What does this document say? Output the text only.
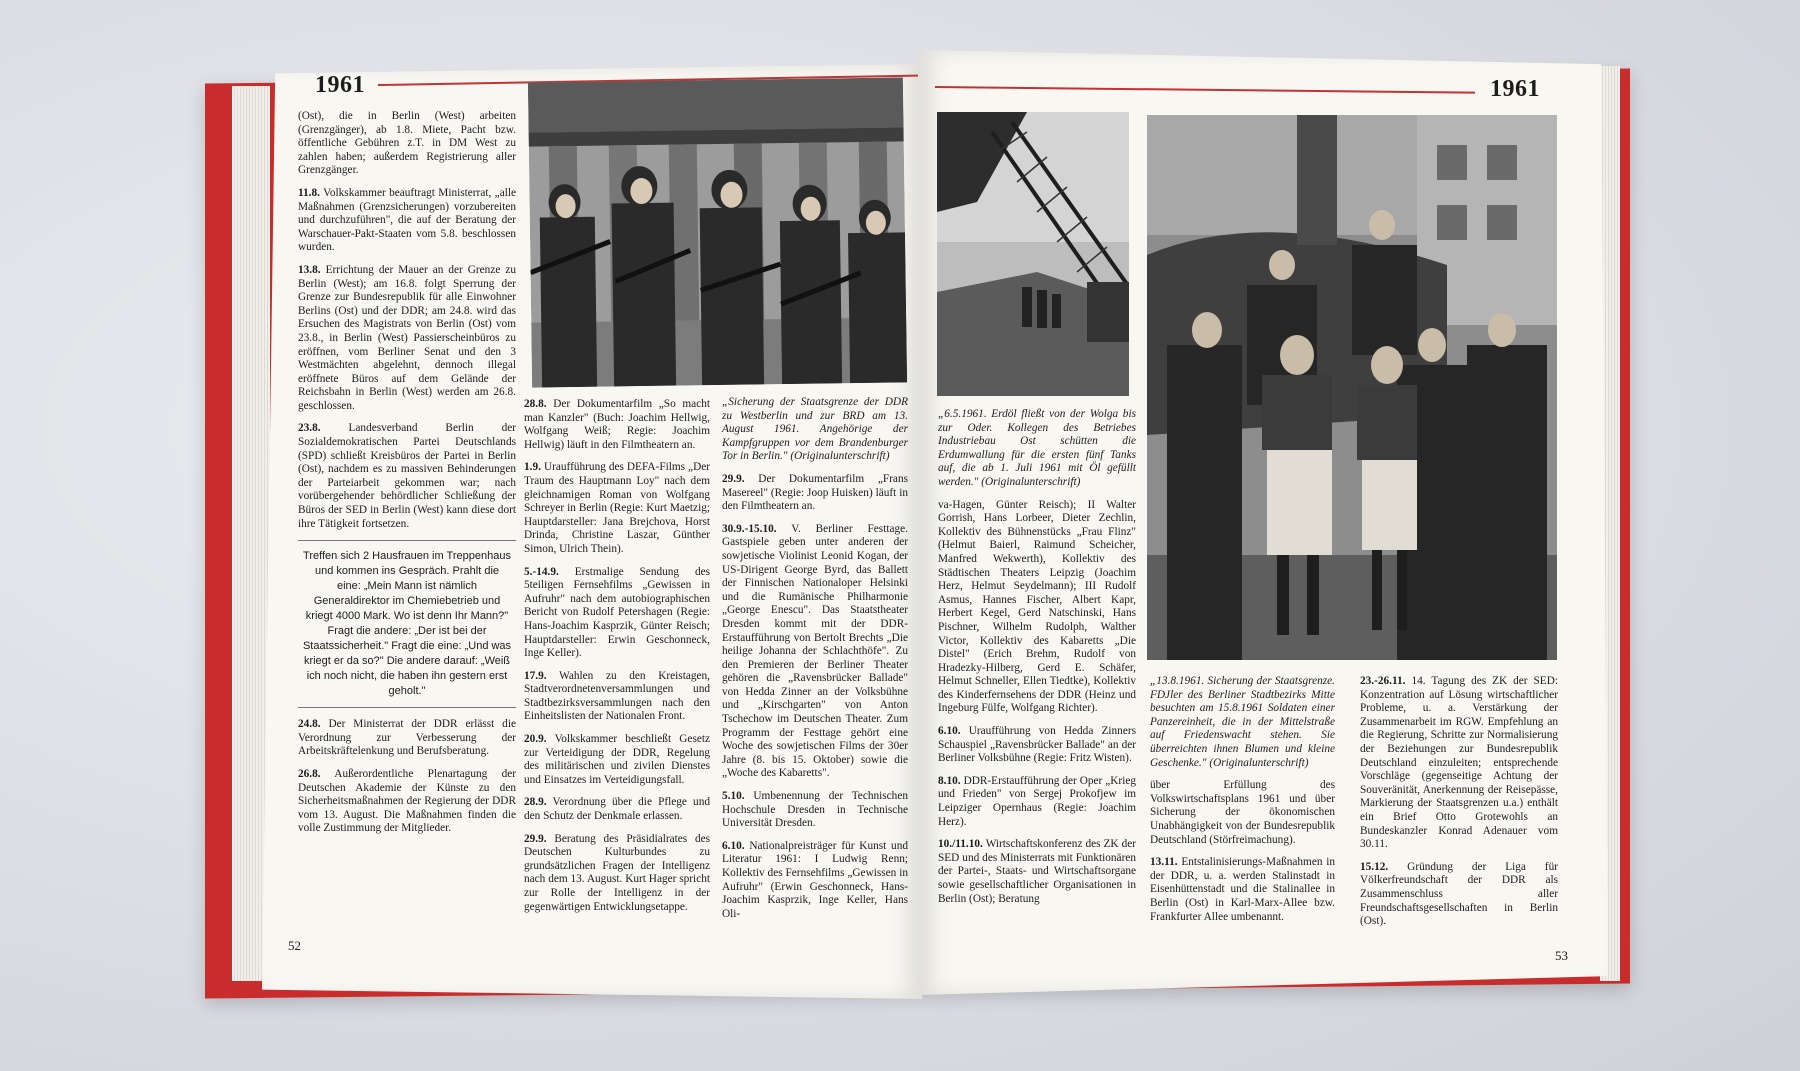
1961
52

(Ost), die in Berlin (West) arbeiten (Grenzgänger), ab 1.8. Miete, Pacht bzw. öffentliche Gebühren z.T. in DM West zu zahlen haben; außerdem Registrierung aller Grenzgänger.

11.8. Volkskammer beauftragt Ministerrat, „alle Maßnahmen (Grenzsicherungen) vorzubereiten und durchzuführen", die auf der Beratung der Warschauer-Pakt-Staaten vom 5.8. beschlossen wurden.

13.8. Errichtung der Mauer an der Grenze zu Berlin (West); am 16.8. folgt Sperrung der Grenze zur Bundesrepublik für alle Einwohner Berlins (Ost) und der DDR; am 24.8. wird das Ersuchen des Magistrats von Berlin (Ost) vom 23.8., in Berlin (West) Passierscheinbüros zu eröffnen, vom Berliner Senat und den 3 Westmächten abgelehnt, dennoch illegal eröffnete Büros auf dem Gelände der Reichsbahn in Berlin (West) werden am 26.8. geschlossen.

23.8. Landesverband Berlin der Sozialdemokratischen Partei Deutschlands (SPD) schließt Kreisbüros der Partei in Berlin (Ost), nachdem es zu massiven Behinderungen der Parteiarbeit gekommen war; nach vorübergehender behördlicher Schließung der Büros der SED in Berlin (West) kann diese dort ihre Tätigkeit fortsetzen.

Treffen sich 2 Hausfrauen im Treppenhaus und kommen ins Gespräch. Prahlt die eine: „Mein Mann ist nämlich Generaldirektor im Chemiebetrieb und kriegt 4000 Mark. Wo ist denn Ihr Mann?" Fragt die andere: „Der ist bei der Staatssicherheit." Fragt die eine: „Und was kriegt er da so?" Die andere darauf: „Weiß ich noch nicht, die haben ihn gestern erst geholt."

24.8. Der Ministerrat der DDR erlässt die Verordnung zur Verbesserung der Arbeitskräftelenkung und Berufsberatung.

26.8. Außerordentliche Plenartagung der Deutschen Akademie der Künste zu den Sicherheitsmaßnahmen der Regierung der DDR vom 13. August. Die Maßnahmen finden die volle Zustimmung der Mitglieder.

28.8. Der Dokumentarfilm „So macht man Kanzler" (Buch: Joachim Hellwig, Wolfgang Weiß; Regie: Joachim Hellwig) läuft in den Filmtheatern an.

1.9. Uraufführung des DEFA-Films „Der Traum des Hauptmann Loy" nach dem gleichnamigen Roman von Wolfgang Schreyer in Berlin (Regie: Kurt Maetzig; Hauptdarsteller: Jana Brejchova, Horst Drinda, Christine Laszar, Günther Simon, Ulrich Thein).

5.-14.9. Erstmalige Sendung des 5teiligen Fernsehfilms „Gewissen in Aufruhr" nach dem autobiographischen Bericht von Rudolf Petershagen (Regie: Hans-Joachim Kasprzik, Günter Reisch; Hauptdarsteller: Erwin Geschonneck, Inge Keller).

17.9. Wahlen zu den Kreistagen, Stadtverordnetenversammlungen und Stadtbezirksversammlungen nach den Einheitslisten der Nationalen Front.

20.9. Volkskammer beschließt Gesetz zur Verteidigung der DDR, Regelung des militärischen und zivilen Dienstes und Einsatzes im Verteidigungsfall.

28.9. Verordnung über die Pflege und den Schutz der Denkmale erlassen.

29.9. Beratung des Präsidialrates des Deutschen Kulturbundes zu grundsätzlichen Fragen der Intelligenz nach dem 13. August. Kurt Hager spricht zur Rolle der Intelligenz in der gegenwärtigen Entwicklungsetappe.

„Sicherung der Staatsgrenze der DDR zu Westberlin und zur BRD am 13. August 1961. Angehörige der Kampfgruppen vor dem Brandenburger Tor in Berlin." (Originalunterschrift)

29.9. Der Dokumentarfilm „Frans Masereel" (Regie: Joop Huisken) läuft in den Filmtheatern an.

30.9.-15.10. V. Berliner Festtage. Gastspiele geben unter anderen der sowjetische Violinist Leonid Kogan, der US-Dirigent George Byrd, das Ballett der Finnischen Nationaloper Helsinki und die Rumänische Philharmonie „George Enescu". Das Staatstheater Dresden kommt mit der DDR-Erstaufführung von Bertolt Brechts „Die heilige Johanna der Schlachthöfe". Zu den Premieren der Berliner Theater gehören die „Ravensbrücker Ballade" von Hedda Zinner an der Volksbühne und „Kirschgarten" von Anton Tschechow im Deutschen Theater. Zum Programm der Festtage gehört eine Woche des sowjetischen Films der 30er Jahre (8. bis 15. Oktober) sowie die „Woche des Kabaretts".

5.10. Umbenennung der Technischen Hochschule Dresden in Technische Universität Dresden.

6.10. Nationalpreisträger für Kunst und Literatur 1961: I Ludwig Renn; Kollektiv des Fernsehfilms „Gewissen in Aufruhr" (Erwin Geschonneck, Hans-Joachim Kasprzik, Inge Keller, Hans Oli-

1961
53

„6.5.1961. Erdöl fließt von der Wolga bis zur Oder. Kollegen des Betriebes Industriebau Ost schütten die Erdumwallung für die ersten fünf Tanks auf, die ab 1. Juli 1961 mit Öl gefüllt werden." (Originalunterschrift)

va-Hagen, Günter Reisch); II Walter Gorrish, Hans Lorbeer, Dieter Zechlin, Kollektiv des Bühnenstücks „Frau Flinz" (Helmut Baierl, Raimund Scheicher, Manfred Wekwerth), Kollektiv des Städtischen Theaters Leipzig (Joachim Herz, Helmut Seydelmann); III Rudolf Asmus, Hannes Fischer, Albert Kapr, Herbert Kegel, Gerd Natschinski, Hans Pischner, Wilhelm Rudolph, Walther Victor, Kollektiv des Kabaretts „Die Distel" (Erich Brehm, Rudolf von Hradezky-Hilberg, Gerd E. Schäfer, Helmut Schneller, Ellen Tiedtke), Kollektiv des Kinderfernsehens der DDR (Heinz und Ingeburg Fülfe, Wolfgang Richter).

6.10. Uraufführung von Hedda Zinners Schauspiel „Ravensbrücker Ballade" an der Berliner Volksbühne (Regie: Fritz Wisten).

8.10. DDR-Erstaufführung der Oper „Krieg und Frieden" von Sergej Prokofjew im Leipziger Opernhaus (Regie: Joachim Herz).

10./11.10. Wirtschaftskonferenz des ZK der SED und des Ministerrats mit Funktionären der Partei-, Staats- und Wirtschaftsorgane sowie gesellschaftlicher Organisationen in Berlin (Ost); Beratung

„13.8.1961. Sicherung der Staatsgrenze. FDJler des Berliner Stadtbezirks Mitte besuchten am 15.8.1961 Soldaten einer Panzereinheit, die in der Mittelstraße auf Friedenswacht stehen. Sie überreichten ihnen Blumen und kleine Geschenke." (Originalunterschrift)

über Erfüllung des Volkswirtschaftsplans 1961 und über Sicherung der ökonomischen Unabhängigkeit von der Bundesrepublik Deutschland (Störfreimachung).

13.11. Entstalinisierungs-Maßnahmen in der DDR, u. a. werden Stalinstadt in Eisenhüttenstadt und die Stalinallee in Berlin (Ost) in Karl-Marx-Allee bzw. Frankfurter Allee umbenannt.

23.-26.11. 14. Tagung des ZK der SED: Konzentration auf Lösung wirtschaftlicher Probleme, u. a. Verstärkung der Zusammenarbeit im RGW. Empfehlung an die Regierung, Schritte zur Normalisierung der Beziehungen zur Bundesrepublik Deutschland einzuleiten; entsprechende Vorschläge (gegenseitige Achtung der Souveränität, Anerkennung der Reisepässe, Markierung der Staatsgrenzen u.a.) enthält ein Brief Otto Grotewohls an Bundeskanzler Konrad Adenauer vom 30.11.

15.12. Gründung der Liga für Völkerfreundschaft der DDR als Zusammenschluss aller Freundschaftsgesellschaften in Berlin (Ost).
